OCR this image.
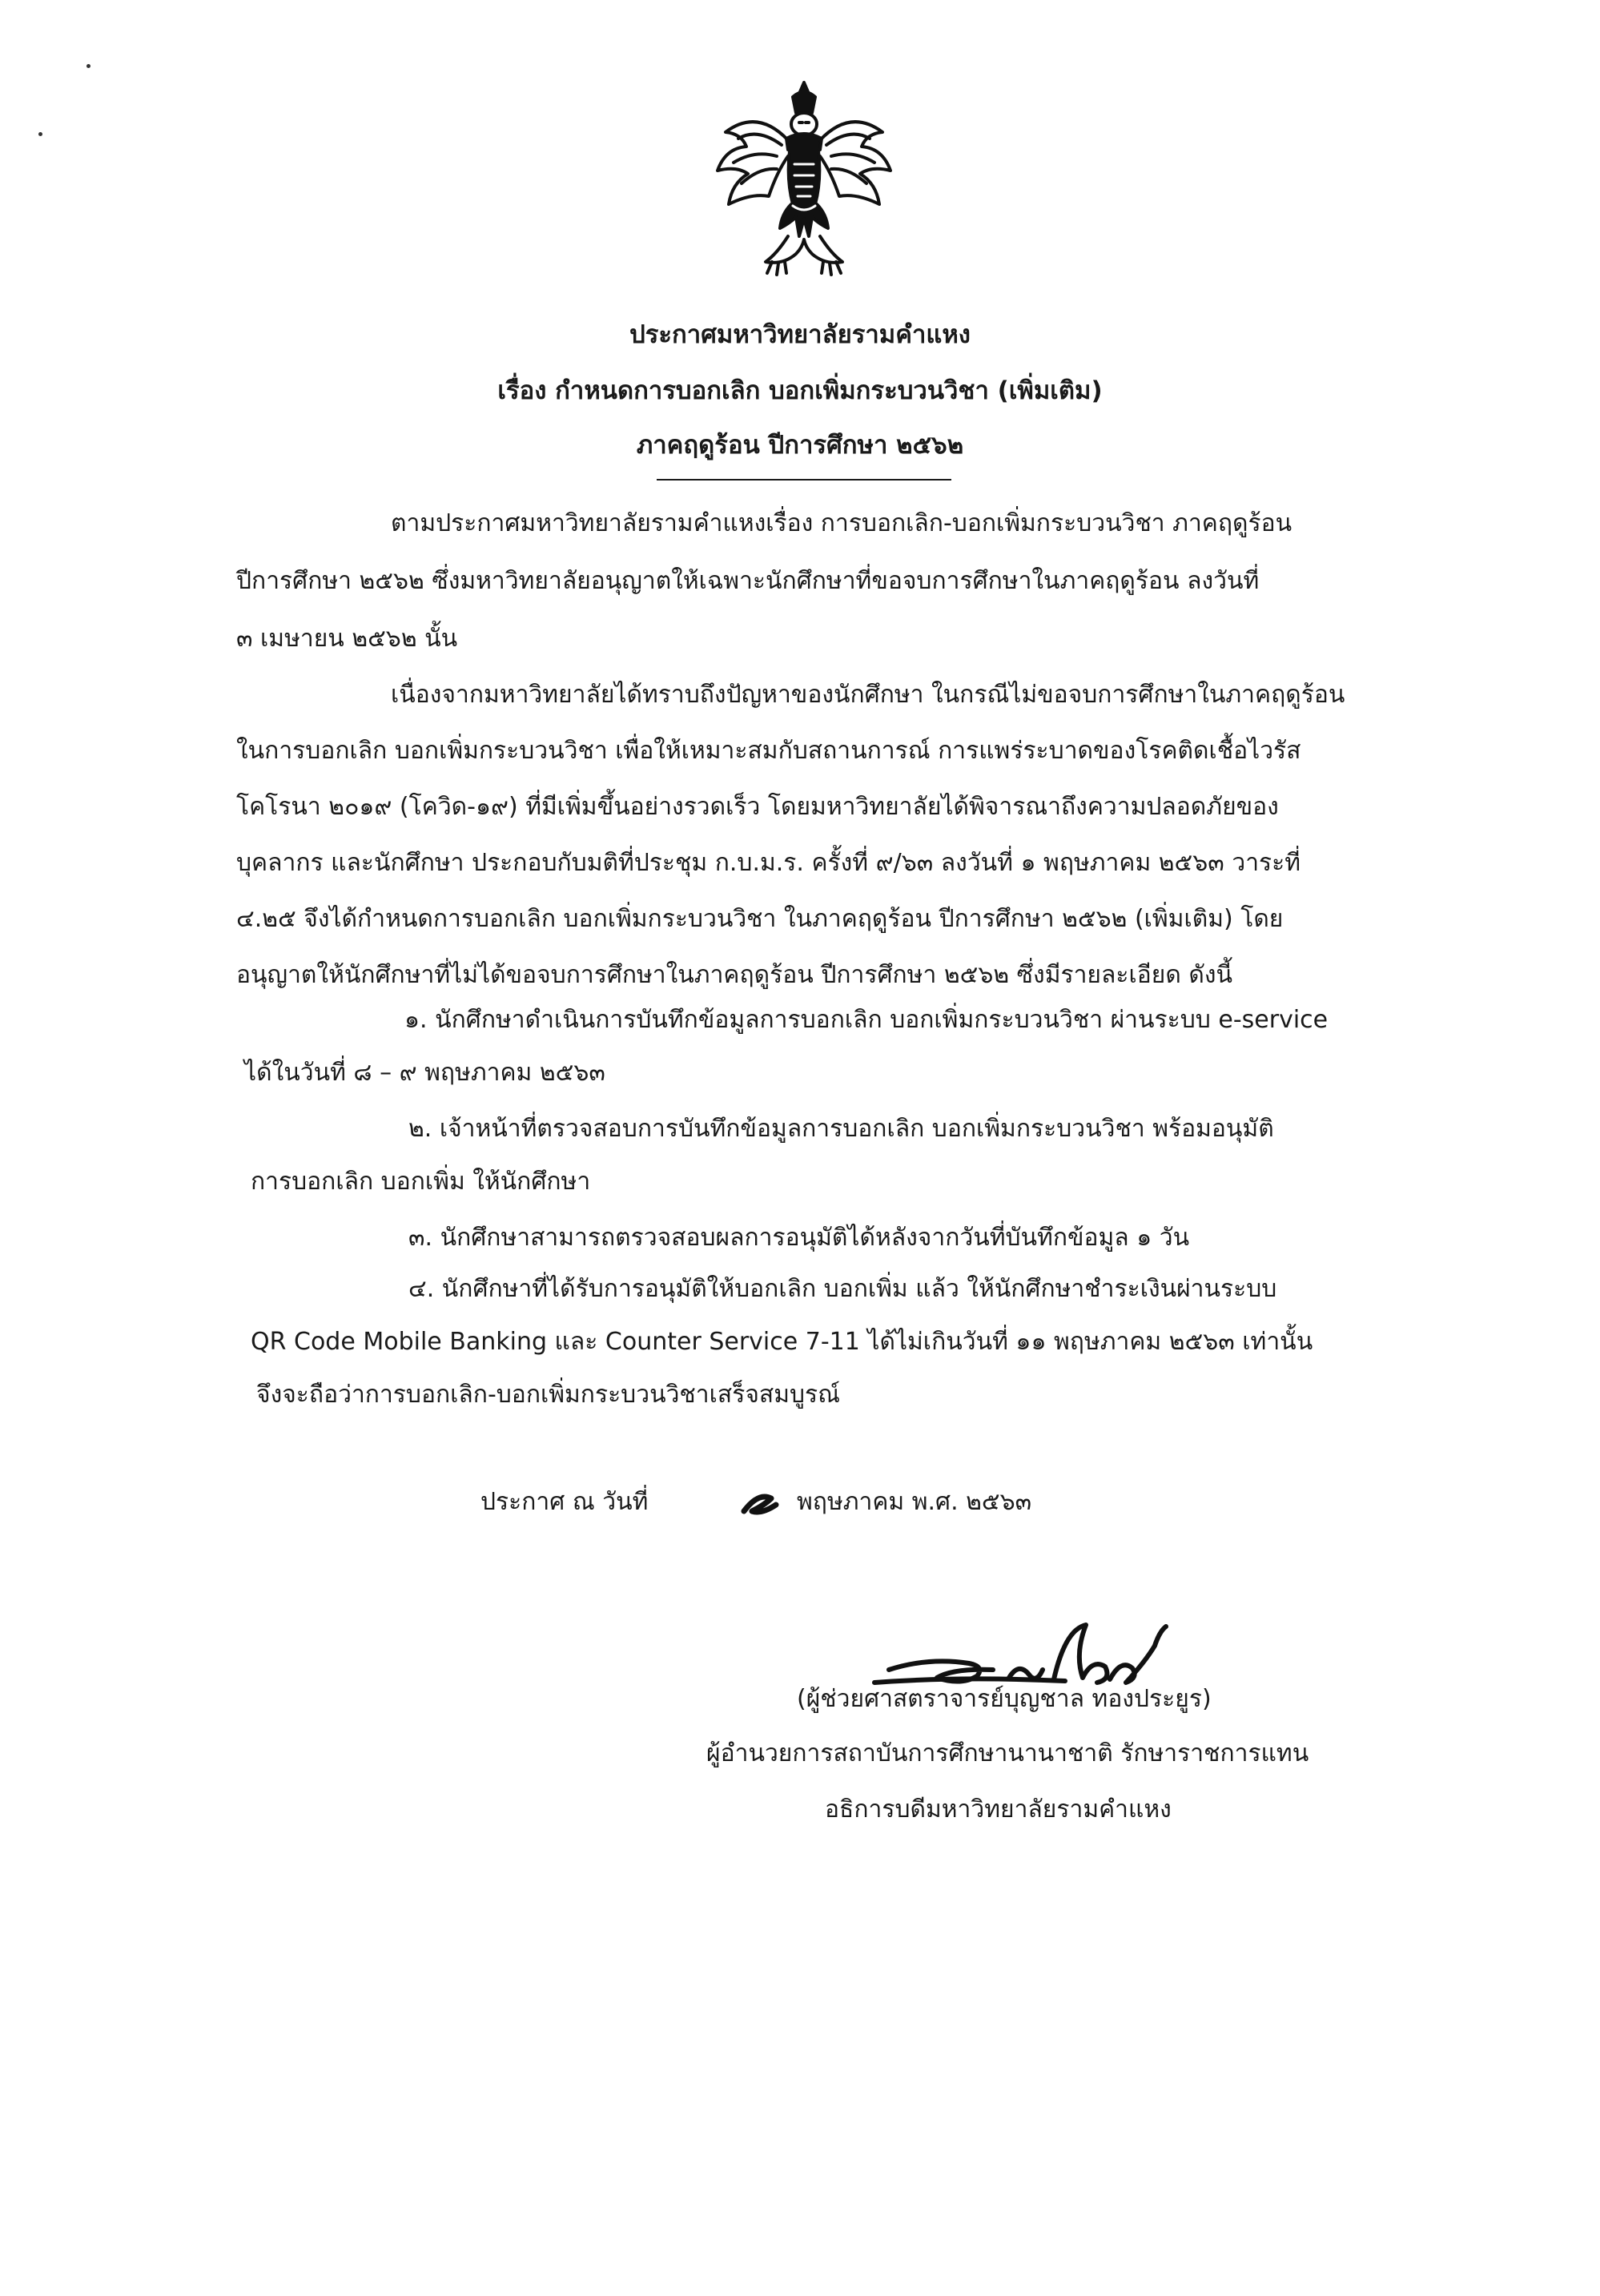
ประกาศมหาวิทยาลัยรามคำแหง
เรื่อง กำหนดการบอกเลิก บอกเพิ่มกระบวนวิชา (เพิ่มเติม)
ภาคฤดูร้อน ปีการศึกษา ๒๕๖๒
ตามประกาศมหาวิทยาลัยรามคำแหงเรื่อง การบอกเลิก-บอกเพิ่มกระบวนวิชา ภาคฤดูร้อน
ปีการศึกษา ๒๕๖๒ ซึ่งมหาวิทยาลัยอนุญาตให้เฉพาะนักศึกษาที่ขอจบการศึกษาในภาคฤดูร้อน ลงวันที่
๓ เมษายน ๒๕๖๒ นั้น
เนื่องจากมหาวิทยาลัยได้ทราบถึงปัญหาของนักศึกษา ในกรณีไม่ขอจบการศึกษาในภาคฤดูร้อน
ในการบอกเลิก บอกเพิ่มกระบวนวิชา เพื่อให้เหมาะสมกับสถานการณ์ การแพร่ระบาดของโรคติดเชื้อไวรัส
โคโรนา ๒๐๑๙ (โควิด-๑๙) ที่มีเพิ่มขึ้นอย่างรวดเร็ว โดยมหาวิทยาลัยได้พิจารณาถึงความปลอดภัยของ
บุคลากร และนักศึกษา ประกอบกับมติที่ประชุม ก.บ.ม.ร. ครั้งที่ ๙/๖๓ ลงวันที่ ๑ พฤษภาคม ๒๕๖๓ วาระที่
๔.๒๕ จึงได้กำหนดการบอกเลิก บอกเพิ่มกระบวนวิชา ในภาคฤดูร้อน ปีการศึกษา ๒๕๖๒ (เพิ่มเติม) โดย
อนุญาตให้นักศึกษาที่ไม่ได้ขอจบการศึกษาในภาคฤดูร้อน ปีการศึกษา ๒๕๖๒ ซึ่งมีรายละเอียด ดังนี้
๑. นักศึกษาดำเนินการบันทึกข้อมูลการบอกเลิก บอกเพิ่มกระบวนวิชา ผ่านระบบ e-service
ได้ในวันที่ ๘ – ๙ พฤษภาคม ๒๕๖๓
๒. เจ้าหน้าที่ตรวจสอบการบันทึกข้อมูลการบอกเลิก บอกเพิ่มกระบวนวิชา พร้อมอนุมัติ
การบอกเลิก บอกเพิ่ม ให้นักศึกษา
๓. นักศึกษาสามารถตรวจสอบผลการอนุมัติได้หลังจากวันที่บันทึกข้อมูล ๑ วัน
๔. นักศึกษาที่ได้รับการอนุมัติให้บอกเลิก บอกเพิ่ม แล้ว ให้นักศึกษาชำระเงินผ่านระบบ
QR Code Mobile Banking และ Counter Service 7-11 ได้ไม่เกินวันที่ ๑๑ พฤษภาคม ๒๕๖๓ เท่านั้น
จึงจะถือว่าการบอกเลิก-บอกเพิ่มกระบวนวิชาเสร็จสมบูรณ์
ประกาศ ณ วันที่	พฤษภาคม พ.ศ. ๒๕๖๓
(ผู้ช่วยศาสตราจารย์บุญชาล ทองประยูร)
ผู้อำนวยการสถาบันการศึกษานานาชาติ รักษาราชการแทน
อธิการบดีมหาวิทยาลัยรามคำแหง
